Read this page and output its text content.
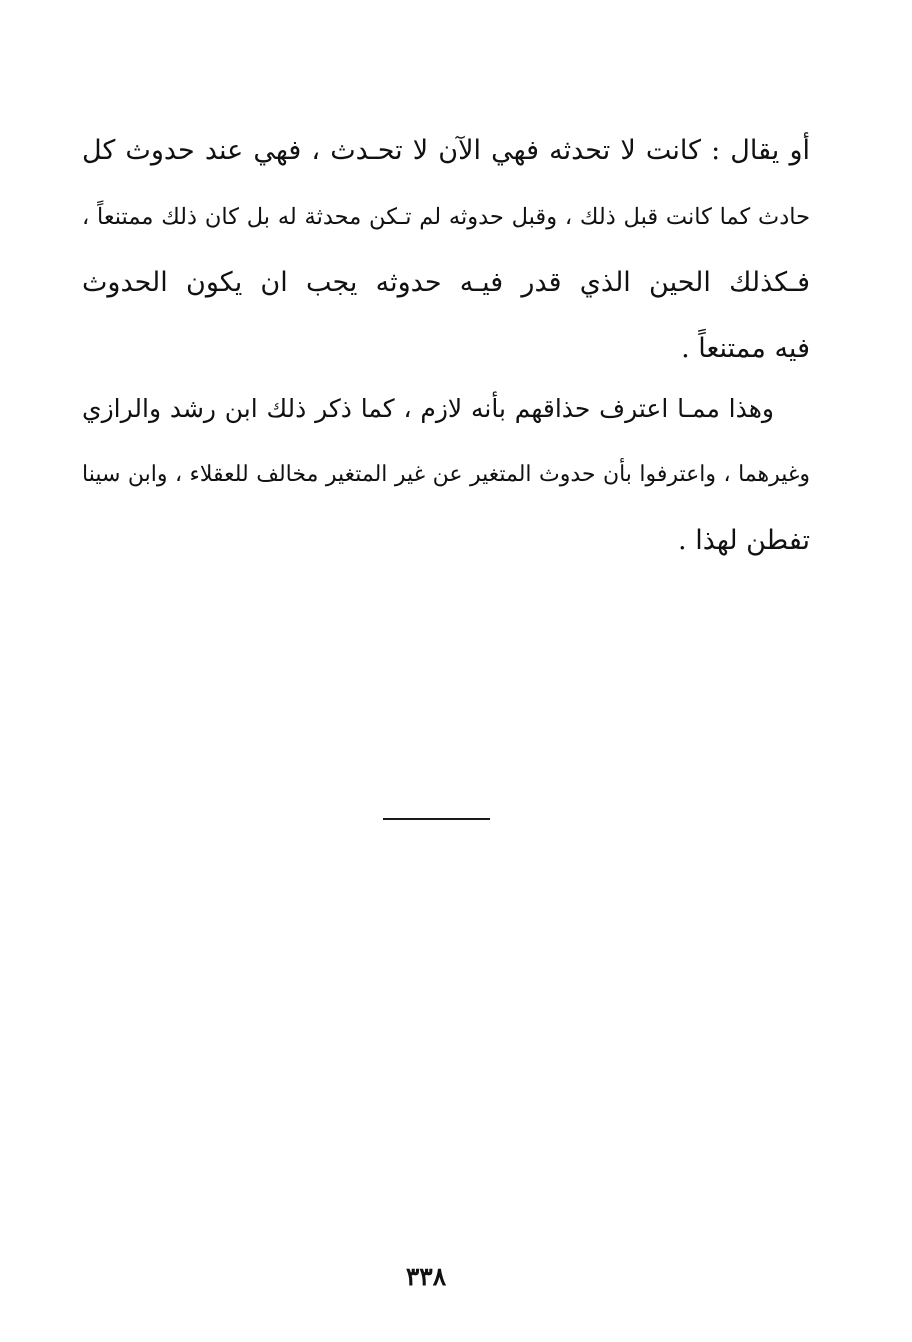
أو يقال : كانت لا تحدثه فهي الآن لا تحـدث ، فهي عند حدوث كل
حادث كما كانت قبل ذلك ، وقبل حدوثه لم تـكن محدثة له بل كان ذلك ممتنعاً ،
فـكذلك الحين الذي قدر فيـه حدوثه يجب ان يكون الحدوث
فيه ممتنعاً .
وهذا ممـا اعترف حذاقهم بأنه لازم ، كما ذكر ذلك ابن رشد والرازي
وغيرهما ، واعترفوا بأن حدوث المتغير عن غير المتغير مخالف للعقلاء ، وابن سينا
تفطن لهذا .
٣٣٨
